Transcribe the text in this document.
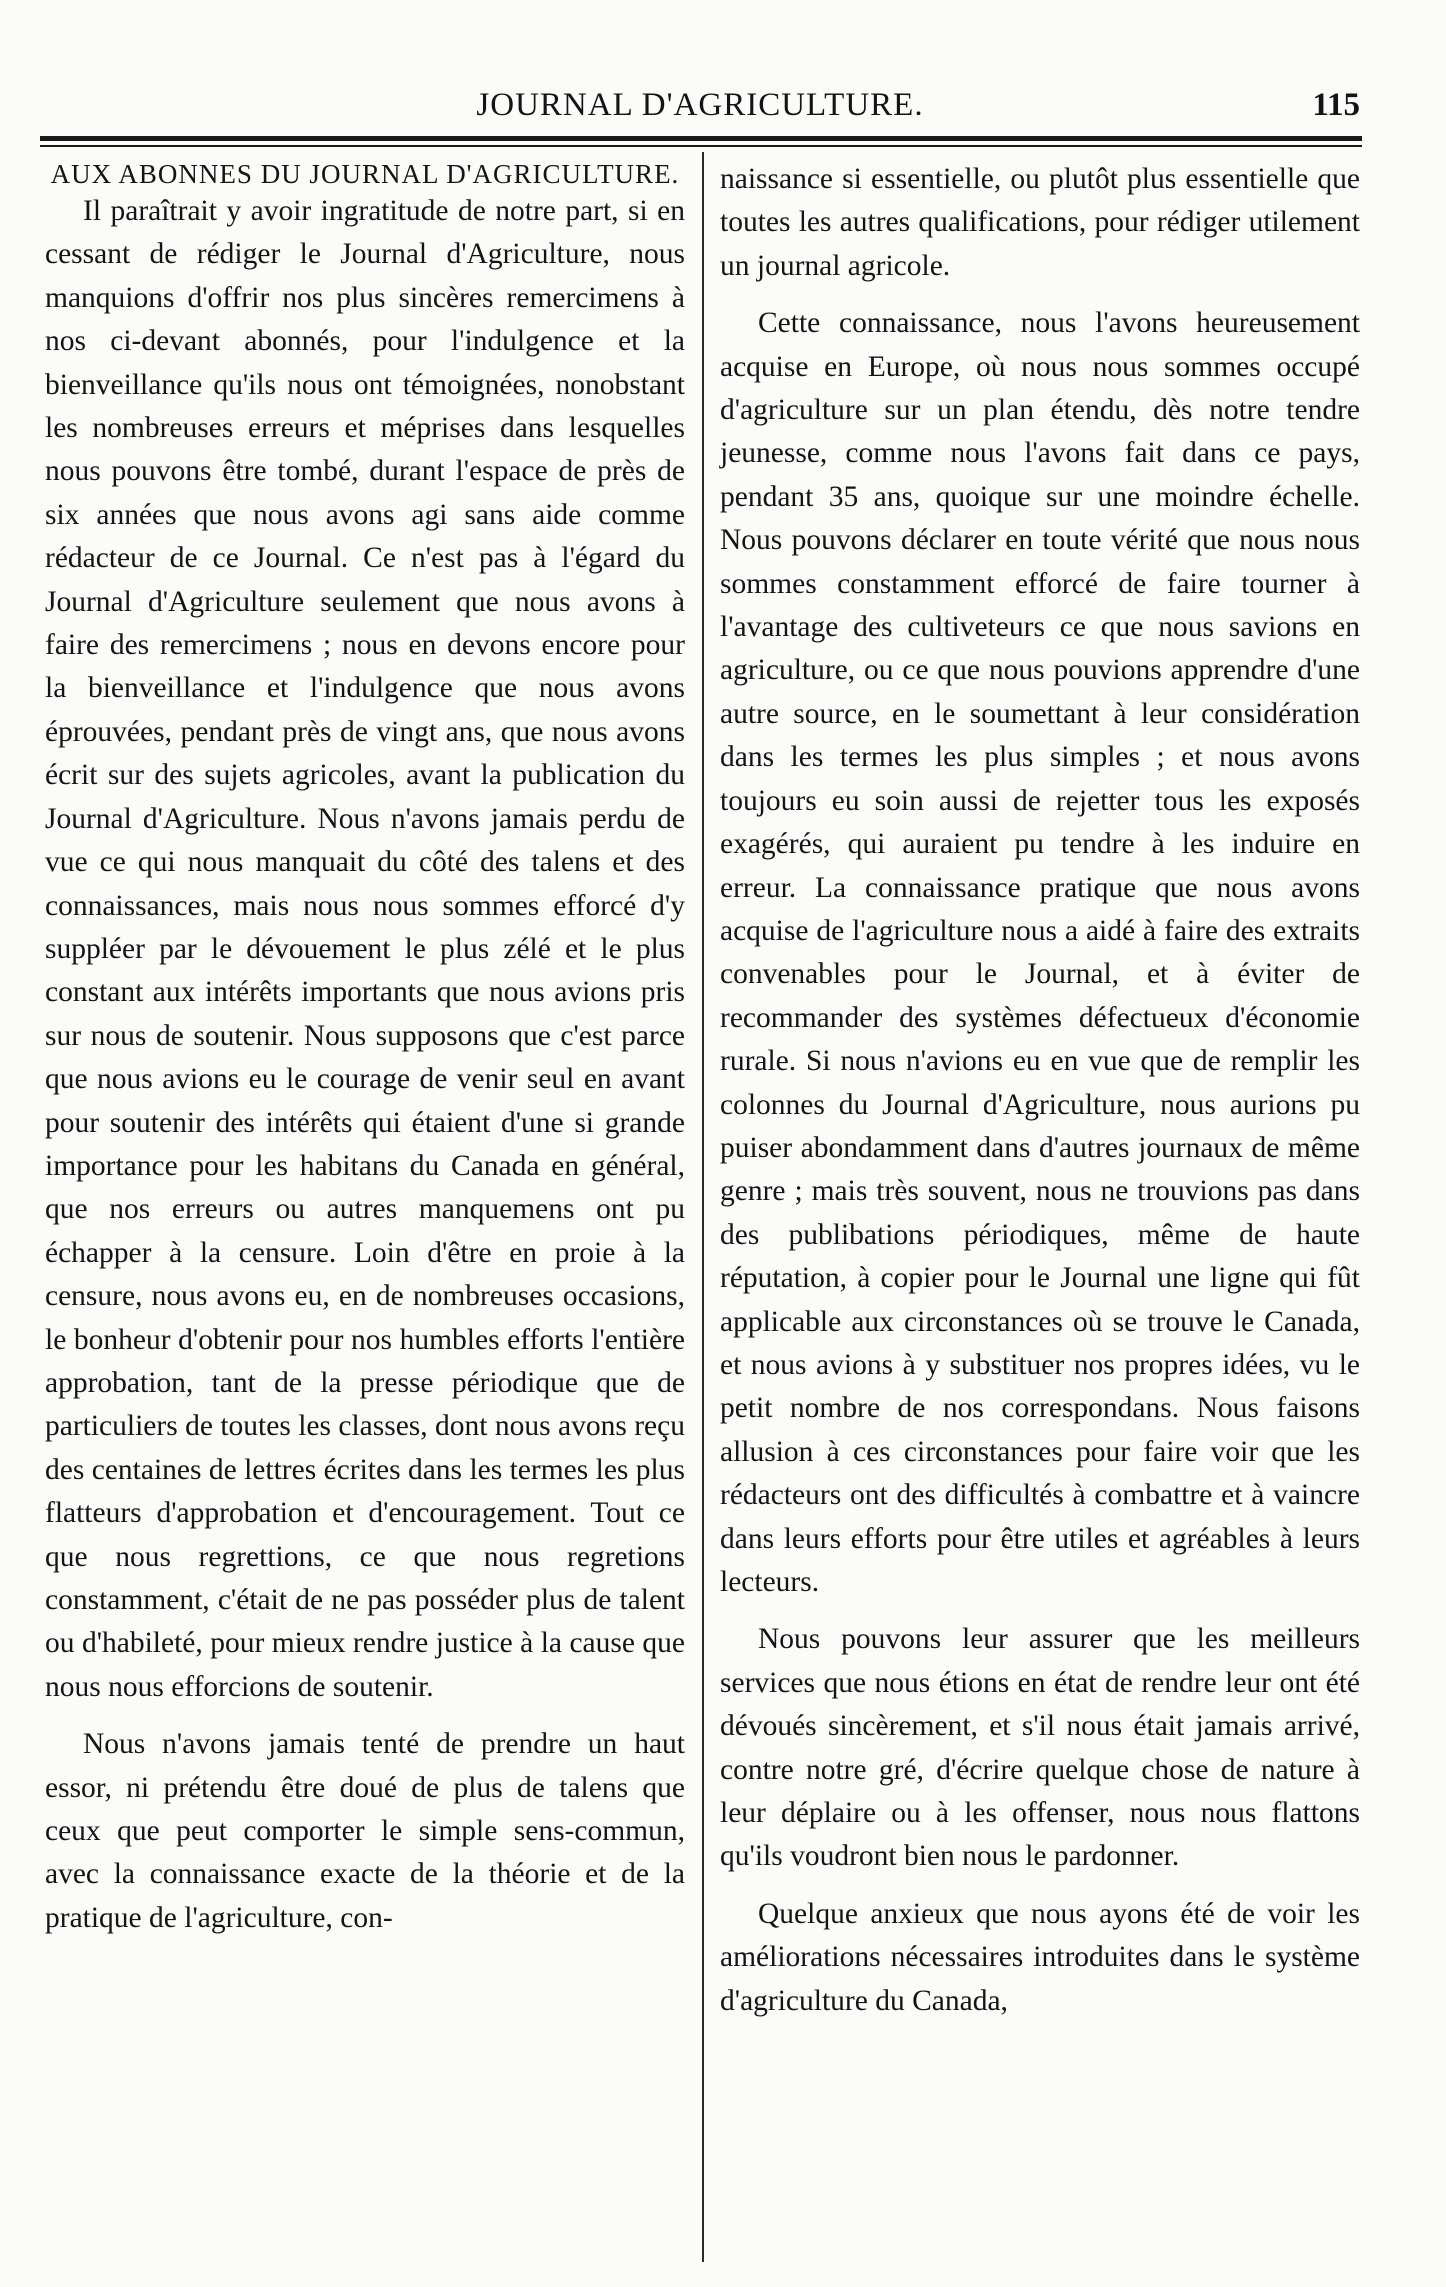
JOURNAL D'AGRICULTURE.	115
AUX ABONNES DU JOURNAL D'AGRICULTURE.

Il paraîtrait y avoir ingratitude de notre part, si en cessant de rédiger le Journal d'Agriculture, nous manquions d'offrir nos plus sincères remercimens à nos ci-devant abonnés, pour l'indulgence et la bienveillance qu'ils nous ont témoignées, nonobstant les nombreuses erreurs et méprises dans lesquelles nous pouvons être tombé, durant l'espace de près de six années que nous avons agi sans aide comme rédacteur de ce Journal. Ce n'est pas à l'égard du Journal d'Agriculture seulement que nous avons à faire des remercimens ; nous en devons encore pour la bienveillance et l'indulgence que nous avons éprouvées, pendant près de vingt ans, que nous avons écrit sur des sujets agricoles, avant la publication du Journal d'Agriculture. Nous n'avons jamais perdu de vue ce qui nous manquait du côté des talens et des connaissances, mais nous nous sommes efforcé d'y suppléer par le dévouement le plus zélé et le plus constant aux intérêts importants que nous avions pris sur nous de soutenir. Nous supposons que c'est parce que nous avions eu le courage de venir seul en avant pour soutenir des intérêts qui étaient d'une si grande importance pour les habitans du Canada en général, que nos erreurs ou autres manquemens ont pu échapper à la censure. Loin d'être en proie à la censure, nous avons eu, en de nombreuses occasions, le bonheur d'obtenir pour nos humbles efforts l'entière approbation, tant de la presse périodique que de particuliers de toutes les classes, dont nous avons reçu des centaines de lettres écrites dans les termes les plus flatteurs d'approbation et d'encouragement. Tout ce que nous regrettions, ce que nous regretions constamment, c'était de ne pas posséder plus de talent ou d'habileté, pour mieux rendre justice à la cause que nous nous efforcions de soutenir.

Nous n'avons jamais tenté de prendre un haut essor, ni prétendu être doué de plus de talens que ceux que peut comporter le simple sens-commun, avec la connaissance exacte de la théorie et de la pratique de l'agriculture, con-

naissance si essentielle, ou plutôt plus essentielle que toutes les autres qualifications, pour rédiger utilement un journal agricole.

Cette connaissance, nous l'avons heureusement acquise en Europe, où nous nous sommes occupé d'agriculture sur un plan étendu, dès notre tendre jeunesse, comme nous l'avons fait dans ce pays, pendant 35 ans, quoique sur une moindre échelle. Nous pouvons déclarer en toute vérité que nous nous sommes constamment efforcé de faire tourner à l'avantage des cultiveteurs ce que nous savions en agriculture, ou ce que nous pouvions apprendre d'une autre source, en le soumettant à leur considération dans les termes les plus simples ; et nous avons toujours eu soin aussi de rejetter tous les exposés exagérés, qui auraient pu tendre à les induire en erreur. La connaissance pratique que nous avons acquise de l'agriculture nous a aidé à faire des extraits convenables pour le Journal, et à éviter de recommander des systèmes défectueux d'économie rurale. Si nous n'avions eu en vue que de remplir les colonnes du Journal d'Agriculture, nous aurions pu puiser abondamment dans d'autres journaux de même genre ; mais très souvent, nous ne trouvions pas dans des publibations périodiques, même de haute réputation, à copier pour le Journal une ligne qui fût applicable aux circonstances où se trouve le Canada, et nous avions à y substituer nos propres idées, vu le petit nombre de nos correspondans. Nous faisons allusion à ces circonstances pour faire voir que les rédacteurs ont des difficultés à combattre et à vaincre dans leurs efforts pour être utiles et agréables à leurs lecteurs.

Nous pouvons leur assurer que les meilleurs services que nous étions en état de rendre leur ont été dévoués sincèrement, et s'il nous était jamais arrivé, contre notre gré, d'écrire quelque chose de nature à leur déplaire ou à les offenser, nous nous flattons qu'ils voudront bien nous le pardonner.

Quelque anxieux que nous ayons été de voir les améliorations nécessaires introduites dans le système d'agriculture du Canada,
